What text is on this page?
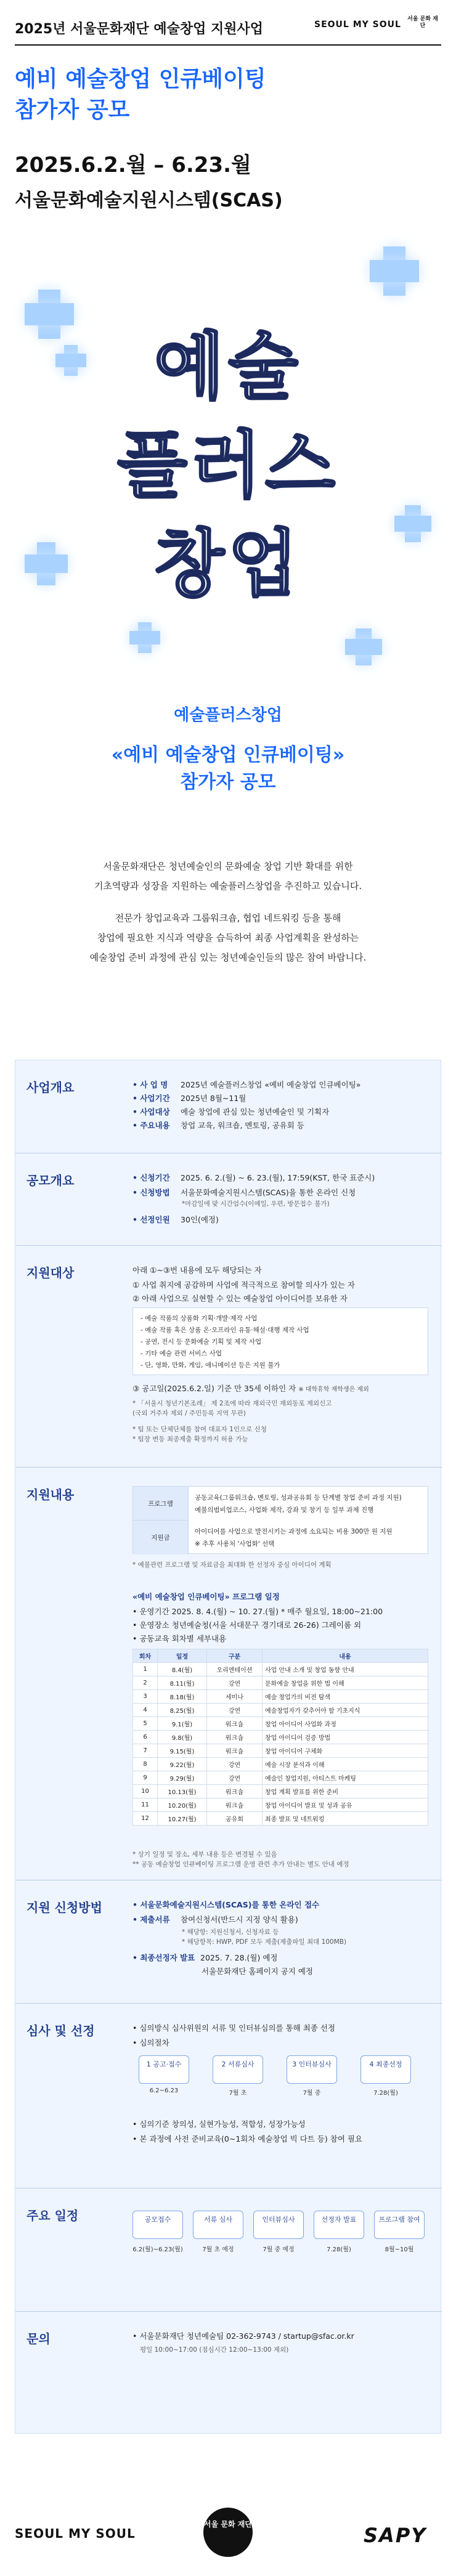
2025년 서울문화재단 예술창업 지원사업	SEOUL MY SOUL
서울 문화 재단
예비 예술창업 인큐베이팅
참가자 공모
2025.6.2.월 – 6.23.월
서울문화예술지원시스템(SCAS)
예술
플러스
창업
예술플러스창업
«예비 예술창업 인큐베이팅»
참가자 공모

서울문화재단은 청년예술인의 문화예술 창업 기반 확대를 위한

기초역량과 성장을 지원하는 예술플러스창업을 추진하고 있습니다.

전문가 창업교육과 그룹워크숍, 협업 네트워킹 등을 통해

창업에 필요한 지식과 역량을 습득하여 최종 사업계획을 완성하는

예술창업 준비 과정에 관심 있는 청년예술인들의 많은 참여 바랍니다.

사업개요	• 사 업 명 2025년 예술플러스창업 «예비 예술창업 인큐베이팅»
• 사업기간 2025년 8월~11월
• 사업대상 예술 창업에 관심 있는 청년예술인 및 기획자
• 주요내용 창업 교육, 워크숍, 멘토링, 공유회 등
공모개요	• 신청기간 2025. 6. 2.(월) ~ 6. 23.(월), 17:59(KST, 한국 표준시)
• 신청방법 서울문화예술지원시스템(SCAS)을 통한 온라인 신청
*마감일에 맞 시간엄수(이메일, 우편, 방문접수 불가)
• 선정인원 30인(예정)
지원대상	아래 ①~③번 내용에 모두 해당되는 자
① 사업 취지에 공감하며 사업에 적극적으로 참여할 의사가 있는 자
② 아래 사업으로 실현할 수 있는 예술창업 아이디어를 보유한 자
- 예술 작품의 상품화 기획·개발·제작 사업
- 예술 작품 혹은 상품 온·오프라인 유통·해설·대행 제작 사업
- 공연, 전시 등 문화예술 기획 및 제작 사업
- 기타 예술 관련 서비스 사업
- 단, 영화, 만화, 게임, 애니메이션 등은 지원 불가
③ 공고일(2025.6.2.일) 기준 만 35세 이하인 자 ※ 대학휴학 재학생은 제외
* 「서울시 청년기본조례」 제 2조에 따라 재외국민 재외동포 제외신고
(국외 거주자 제외 / 주민등록 지역 무관)
* 팀 또는 단체단체를 참여 대표자 1인으로 신청
* 팀장 변동 최종제출 확정까지 허용 가능
지원내용
프로그램
공동교육(그룹워크숍, 멘토링, 성과공유회 등 단계별 창업 준비 과정 지원)
예불의범비업코스, 사업화 제작, 강좌 및 창기 등 일부 과제 진행
지원금
아이디어를 사업으로 발전시키는 과정에 소요되는 비용 300만 원 지원
※ 추후 사용처 '사업화' 선택
* 예불관련 프로그램 및 자료금을 최대화 한 선정자 중심 아이디어 계획
«예비 예술창업 인큐베이팅» 프로그램 일정
• 운영기간 2025. 8. 4.(월) ~ 10. 27.(월) * 매주 월요일, 18:00~21:00
• 운영장소 청년예술청(서울 서대문구 경기대로 26-26) 그레이룸 외
• 공동교육 회차별 세부내용
회차	일정	구분	내용
1	8.4(월)	오리엔테이션	사업 안내 소개 및 창업 동향 안내
2	8.11(월)	강연	문화예술 창업을 위한 법 이해
3	8.18(월)	세미나	예술 창업가의 비전 탐색
4	8.25(월)	강연	예술창업자가 갖추어야 할 기초지식
5	9.1(월)	워크숍	창업 아이디어 사업화 과정
6	9.8(월)	워크숍	창업 아이디어 검증 방법
7	9.15(월)	워크숍	창업 아이디어 구체화
8	9.22(월)	강연	예술 시장 분석과 이해
9	9.29(월)	강연	예술인 창업지원, 아티스트 마케팅
10	10.13(월)	워크숍	창업 계획 발표를 위한 준비
11	10.20(월)	워크숍	창업 아이디어 발표 및 성과 공유
12	10.27(월)	공유회	최종 발표 및 네트워킹
* 상기 일정 및 장소, 세부 내용 등은 변경될 수 있음
** 공동 예술창업 인큐베이팅 프로그램 운영 관련 추가 안내는 별도 안내 예정
지원 신청방법	• 서울문화예술지원시스템(SCAS)를 통한 온라인 접수
• 제출서류 참여신청서(반드시 지정 양식 활용)
* 해당항: 지원신청서, 신청자료 등
* 해당항목: HWP, PDF 모두 제출(제출파일 최대 100MB)
• 최종선정자 발표 2025. 7. 28.(월) 예정
서울문화재단 홈페이지 공지 예정
심사 및 선정	• 심의방식 심사위원의 서류 및 인터뷰심의를 통해 최종 선정
• 심의절차
1 공고·접수	2 서류심사	3 인터뷰심사	4 최종선정
6.2~6.23	7월 초	7월 중	7.28(월)
• 심의기준 창의성, 실현가능성, 적합성, 성장가능성
• 본 과정에 사전 준비교육(0~1회차 예술창업 빅 다트 등) 참여 필요
주요 일정	공모접수	서류 심사	인터뷰심사	선정자 발표	프로그램 참여
6.2(월)~6.23(월)	7월 초 예정	7월 중 예정	7.28(월)	8월~10월
문의	• 서울문화재단 청년예술팀 02-362-9743 / startup@sfac.or.kr
평일 10:00~17:00 (점심시간 12:00~13:00 제외)
SEOUL MY SOUL
서울 문화 재단	SAPY
